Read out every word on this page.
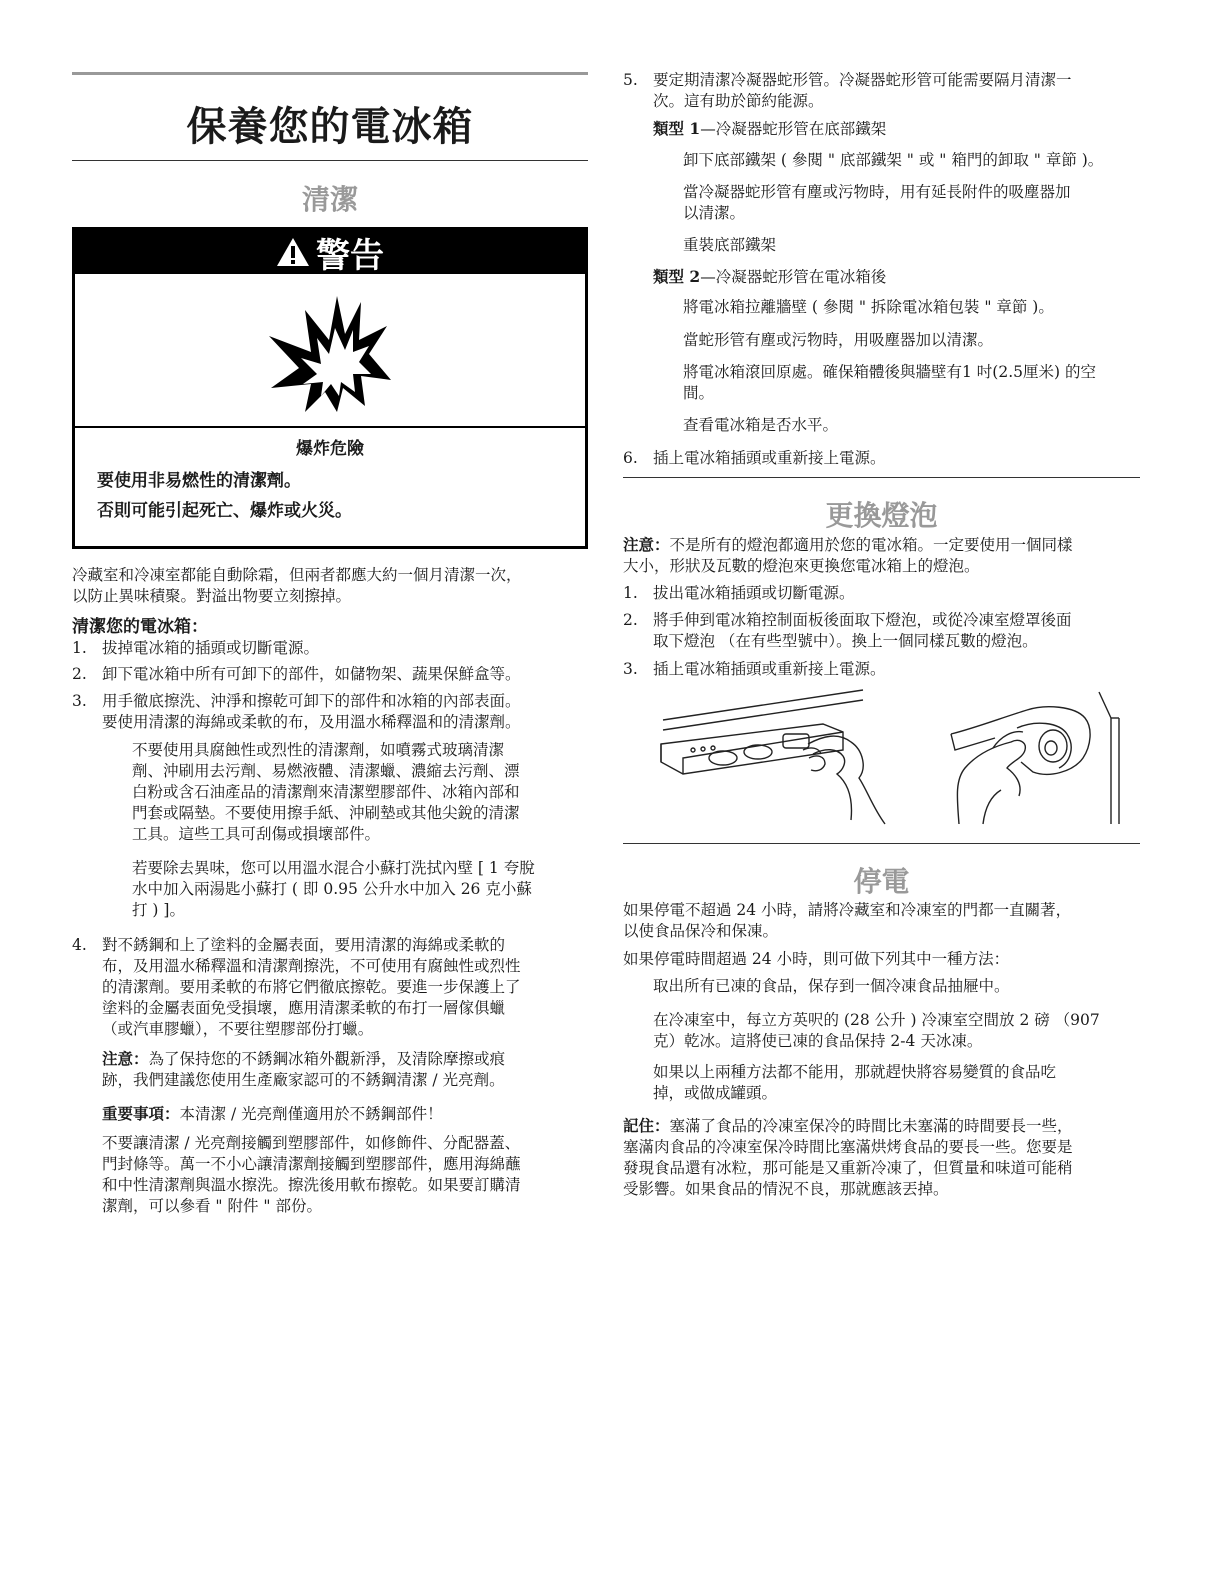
保養您的電冰箱
清潔
警告
爆炸危險
要使用非易燃性的清潔劑。
否則可能引起死亡、爆炸或火災。
冷藏室和冷凍室都能自動除霜，但兩者都應大約一個月清潔一次，
以防止異味積聚。對溢出物要立刻擦掉。
清潔您的電冰箱：
1. 拔掉電冰箱的插頭或切斷電源。
2. 卸下電冰箱中所有可卸下的部件，如儲物架、蔬果保鮮盒等。
3. 用手徹底擦洗、沖淨和擦乾可卸下的部件和冰箱的內部表面。
要使用清潔的海綿或柔軟的布，及用溫水稀釋溫和的清潔劑。
不要使用具腐蝕性或烈性的清潔劑，如噴霧式玻璃清潔
劑、沖刷用去污劑、易燃液體、清潔蠟、濃縮去污劑、漂
白粉或含石油產品的清潔劑來清潔塑膠部件、冰箱內部和
門套或隔墊。不要使用擦手紙、沖刷墊或其他尖銳的清潔
工具。這些工具可刮傷或損壞部件。
若要除去異味，您可以用溫水混合小蘇打洗拭內壁 [ 1 夸脫
水中加入兩湯匙小蘇打 ( 即 0.95 公升水中加入 26 克小蘇
打 ) ]。
4. 對不銹鋼和上了塗料的金屬表面，要用清潔的海綿或柔軟的
布，及用溫水稀釋溫和清潔劑擦洗，不可使用有腐蝕性或烈性
的清潔劑。要用柔軟的布將它們徹底擦乾。要進一步保護上了
塗料的金屬表面免受損壞，應用清潔柔軟的布打一層傢俱蠟
（或汽車膠蠟），不要往塑膠部份打蠟。
注意：為了保持您的不銹鋼冰箱外觀新淨，及清除摩擦或痕
跡，我們建議您使用生產廠家認可的不銹鋼清潔 / 光亮劑。
重要事項：本清潔 / 光亮劑僅適用於不銹鋼部件！
不要讓清潔 / 光亮劑接觸到塑膠部件，如修飾件、分配器蓋、
門封條等。萬一不小心讓清潔劑接觸到塑膠部件，應用海綿蘸
和中性清潔劑與溫水擦洗。擦洗後用軟布擦乾。如果要訂購清
潔劑，可以參看 " 附件 " 部份。
5. 要定期清潔冷凝器蛇形管。冷凝器蛇形管可能需要隔月清潔一
次。這有助於節約能源。
類型 1—冷凝器蛇形管在底部鐵架
卸下底部鐵架 ( 參閱 " 底部鐵架 " 或 " 箱門的卸取 " 章節 )。
當冷凝器蛇形管有塵或污物時，用有延長附件的吸塵器加
以清潔。
重裝底部鐵架
類型 2—冷凝器蛇形管在電冰箱後
將電冰箱拉離牆壁 ( 參閱 " 拆除電冰箱包裝 " 章節 )。
當蛇形管有塵或污物時，用吸塵器加以清潔。
將電冰箱滾回原處。確保箱體後與牆壁有1 吋(2.5厘米) 的空
間。
查看電冰箱是否水平。
6. 插上電冰箱插頭或重新接上電源。
更換燈泡
注意：不是所有的燈泡都適用於您的電冰箱。一定要使用一個同樣
大小，形狀及瓦數的燈泡來更換您電冰箱上的燈泡。
1. 拔出電冰箱插頭或切斷電源。
2. 將手伸到電冰箱控制面板後面取下燈泡，或從冷凍室燈罩後面
取下燈泡 （在有些型號中）。換上一個同樣瓦數的燈泡。
3. 插上電冰箱插頭或重新接上電源。
停電
如果停電不超過 24 小時，請將冷藏室和冷凍室的門都一直關著，
以使食品保冷和保凍。
如果停電時間超過 24 小時，則可做下列其中一種方法：
取出所有已凍的食品，保存到一個冷凍食品抽屜中。
在冷凍室中，每立方英呎的 (28 公升 ) 冷凍室空間放 2 磅 （907
克）乾冰。這將使已凍的食品保持 2-4 天冰凍。
如果以上兩種方法都不能用，那就趕快將容易變質的食品吃
掉，或做成罐頭。
記住：塞滿了食品的冷凍室保冷的時間比未塞滿的時間要長一些，
塞滿肉食品的冷凍室保冷時間比塞滿烘烤食品的要長一些。您要是
發現食品還有冰粒，那可能是又重新冷凍了，但質量和味道可能稍
受影響。如果食品的情況不良，那就應該丟掉。
